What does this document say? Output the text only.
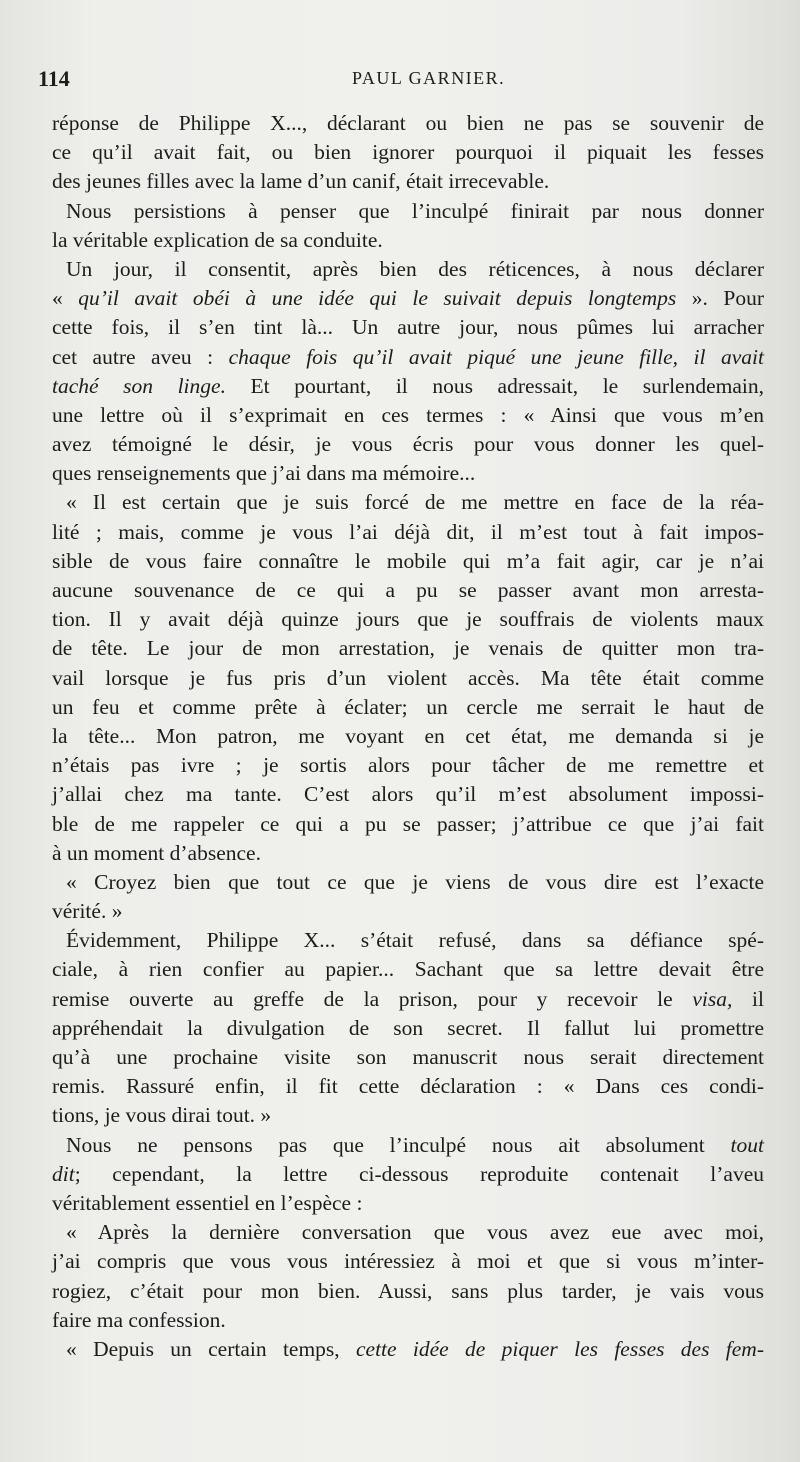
114	PAUL GARNIER.
réponse de Philippe X..., déclarant ou bien ne pas se souvenir de
ce qu’il avait fait, ou bien ignorer pourquoi il piquait les fesses
des jeunes filles avec la lame d’un canif, était irrecevable.
Nous persistions à penser que l’inculpé finirait par nous donner
la véritable explication de sa conduite.
Un jour, il consentit, après bien des réticences, à nous déclarer
« qu’il avait obéi à une idée qui le suivait depuis longtemps ». Pour
cette fois, il s’en tint là... Un autre jour, nous pûmes lui arracher
cet autre aveu : chaque fois qu’il avait piqué une jeune fille, il avait
taché son linge. Et pourtant, il nous adressait, le surlendemain,
une lettre où il s’exprimait en ces termes : « Ainsi que vous m’en
avez témoigné le désir, je vous écris pour vous donner les quel-
ques renseignements que j’ai dans ma mémoire...
« Il est certain que je suis forcé de me mettre en face de la réa-
lité ; mais, comme je vous l’ai déjà dit, il m’est tout à fait impos-
sible de vous faire connaître le mobile qui m’a fait agir, car je n’ai
aucune souvenance de ce qui a pu se passer avant mon arresta-
tion. Il y avait déjà quinze jours que je souffrais de violents maux
de tête. Le jour de mon arrestation, je venais de quitter mon tra-
vail lorsque je fus pris d’un violent accès. Ma tête était comme
un feu et comme prête à éclater; un cercle me serrait le haut de
la tête... Mon patron, me voyant en cet état, me demanda si je
n’étais pas ivre ; je sortis alors pour tâcher de me remettre et
j’allai chez ma tante. C’est alors qu’il m’est absolument impossi-
ble de me rappeler ce qui a pu se passer; j’attribue ce que j’ai fait
à un moment d’absence.
« Croyez bien que tout ce que je viens de vous dire est l’exacte
vérité. »
Évidemment, Philippe X... s’était refusé, dans sa défiance spé-
ciale, à rien confier au papier... Sachant que sa lettre devait être
remise ouverte au greffe de la prison, pour y recevoir le visa, il
appréhendait la divulgation de son secret. Il fallut lui promettre
qu’à une prochaine visite son manuscrit nous serait directement
remis. Rassuré enfin, il fit cette déclaration : « Dans ces condi-
tions, je vous dirai tout. »
Nous ne pensons pas que l’inculpé nous ait absolument tout
dit; cependant, la lettre ci-dessous reproduite contenait l’aveu
véritablement essentiel en l’espèce :
« Après la dernière conversation que vous avez eue avec moi,
j’ai compris que vous vous intéressiez à moi et que si vous m’inter-
rogiez, c’était pour mon bien. Aussi, sans plus tarder, je vais vous
faire ma confession.
« Depuis un certain temps, cette idée de piquer les fesses des fem-
